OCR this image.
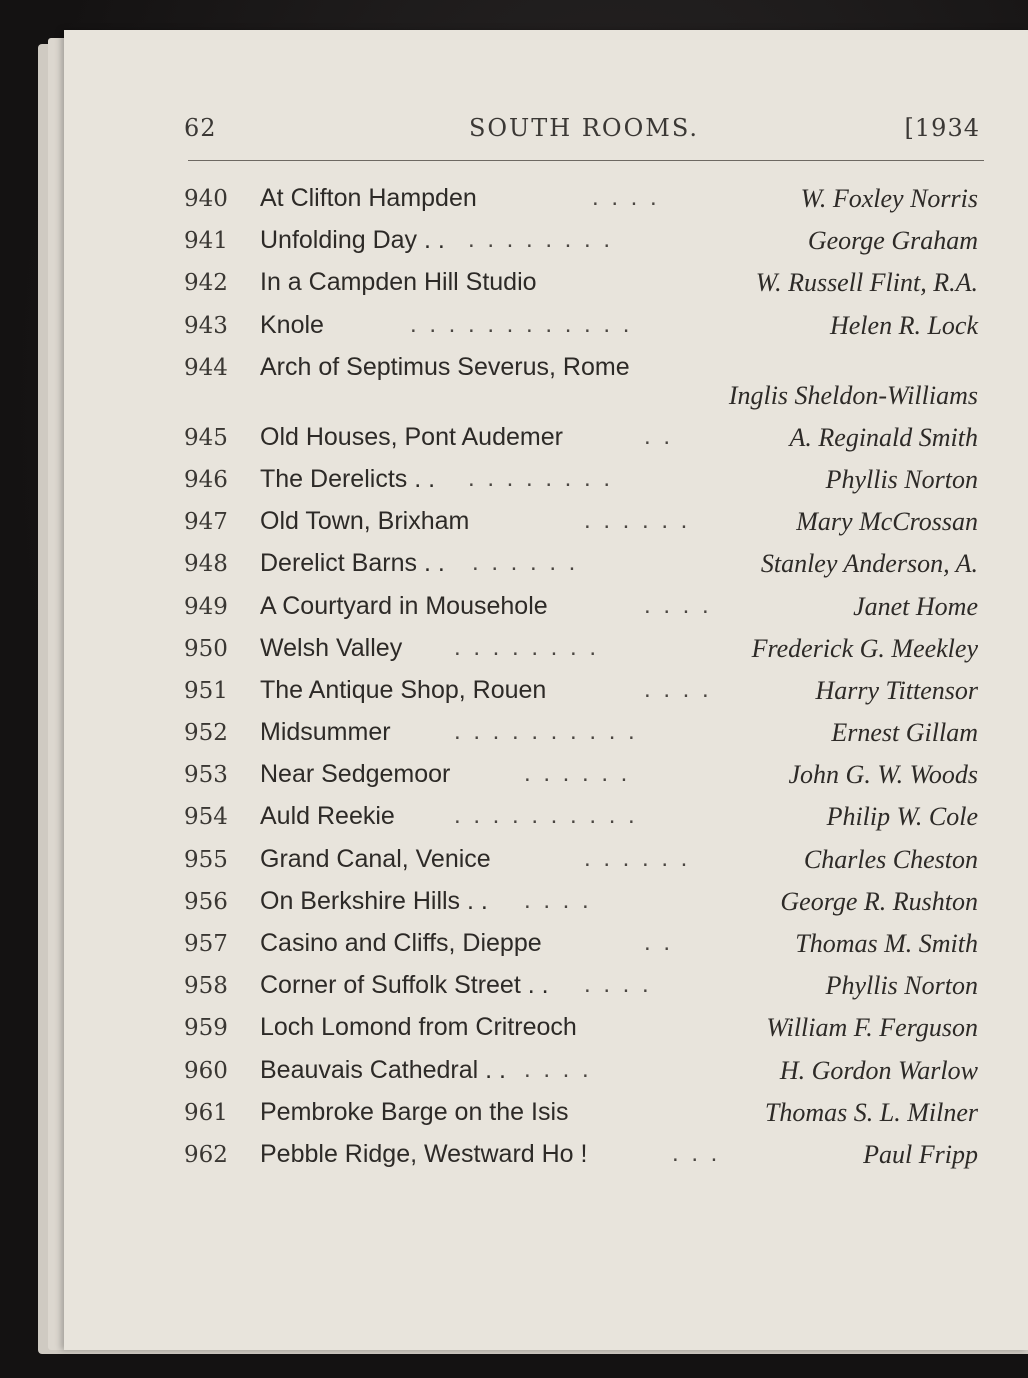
62	SOUTH ROOMS.	[1934
940 At Clifton Hampden	. . . .	W. Foxley Norris
941 Unfolding Day . . . . . . . . . .	George Graham
942 In a Campden Hill Studio	W. Russell Flint, R.A.
943 Knole	. . . . . . . . . . . .	Helen R. Lock
944 Arch of Septimus Severus, Rome
Inglis Sheldon-Williams
945 Old Houses, Pont Audemer	. .	A. Reginald Smith
946 The Derelicts . . . . . . . . . .	Phyllis Norton
947 Old Town, Brixham	. . . . . .	Mary McCrossan
948 Derelict Barns . . . . . . . .	Stanley Anderson, A.
949 A Courtyard in Mousehole	. . . .	Janet Home
950 Welsh Valley . . . . . . . .	Frederick G. Meekley
951 The Antique Shop, Rouen	. . . .	Harry Tittensor
952 Midsummer	. . . . . . . . . .	Ernest Gillam
953 Near Sedgemoor	. . . . . .	John G. W. Woods
954 Auld Reekie . . . . . . . . . .	Philip W. Cole
955 Grand Canal, Venice	. . . . . .	Charles Cheston
956 On Berkshire Hills . . . . . .	George R. Rushton
957 Casino and Cliffs, Dieppe	. .	Thomas M. Smith
958 Corner of Suffolk Street . . . . . .	Phyllis Norton
959 Loch Lomond from Critreoch	William F. Ferguson
960 Beauvais Cathedral . . . . . .	H. Gordon Warlow
961 Pembroke Barge on the Isis	Thomas S. L. Milner
962 Pebble Ridge, Westward Ho !	. . .	Paul Fripp
